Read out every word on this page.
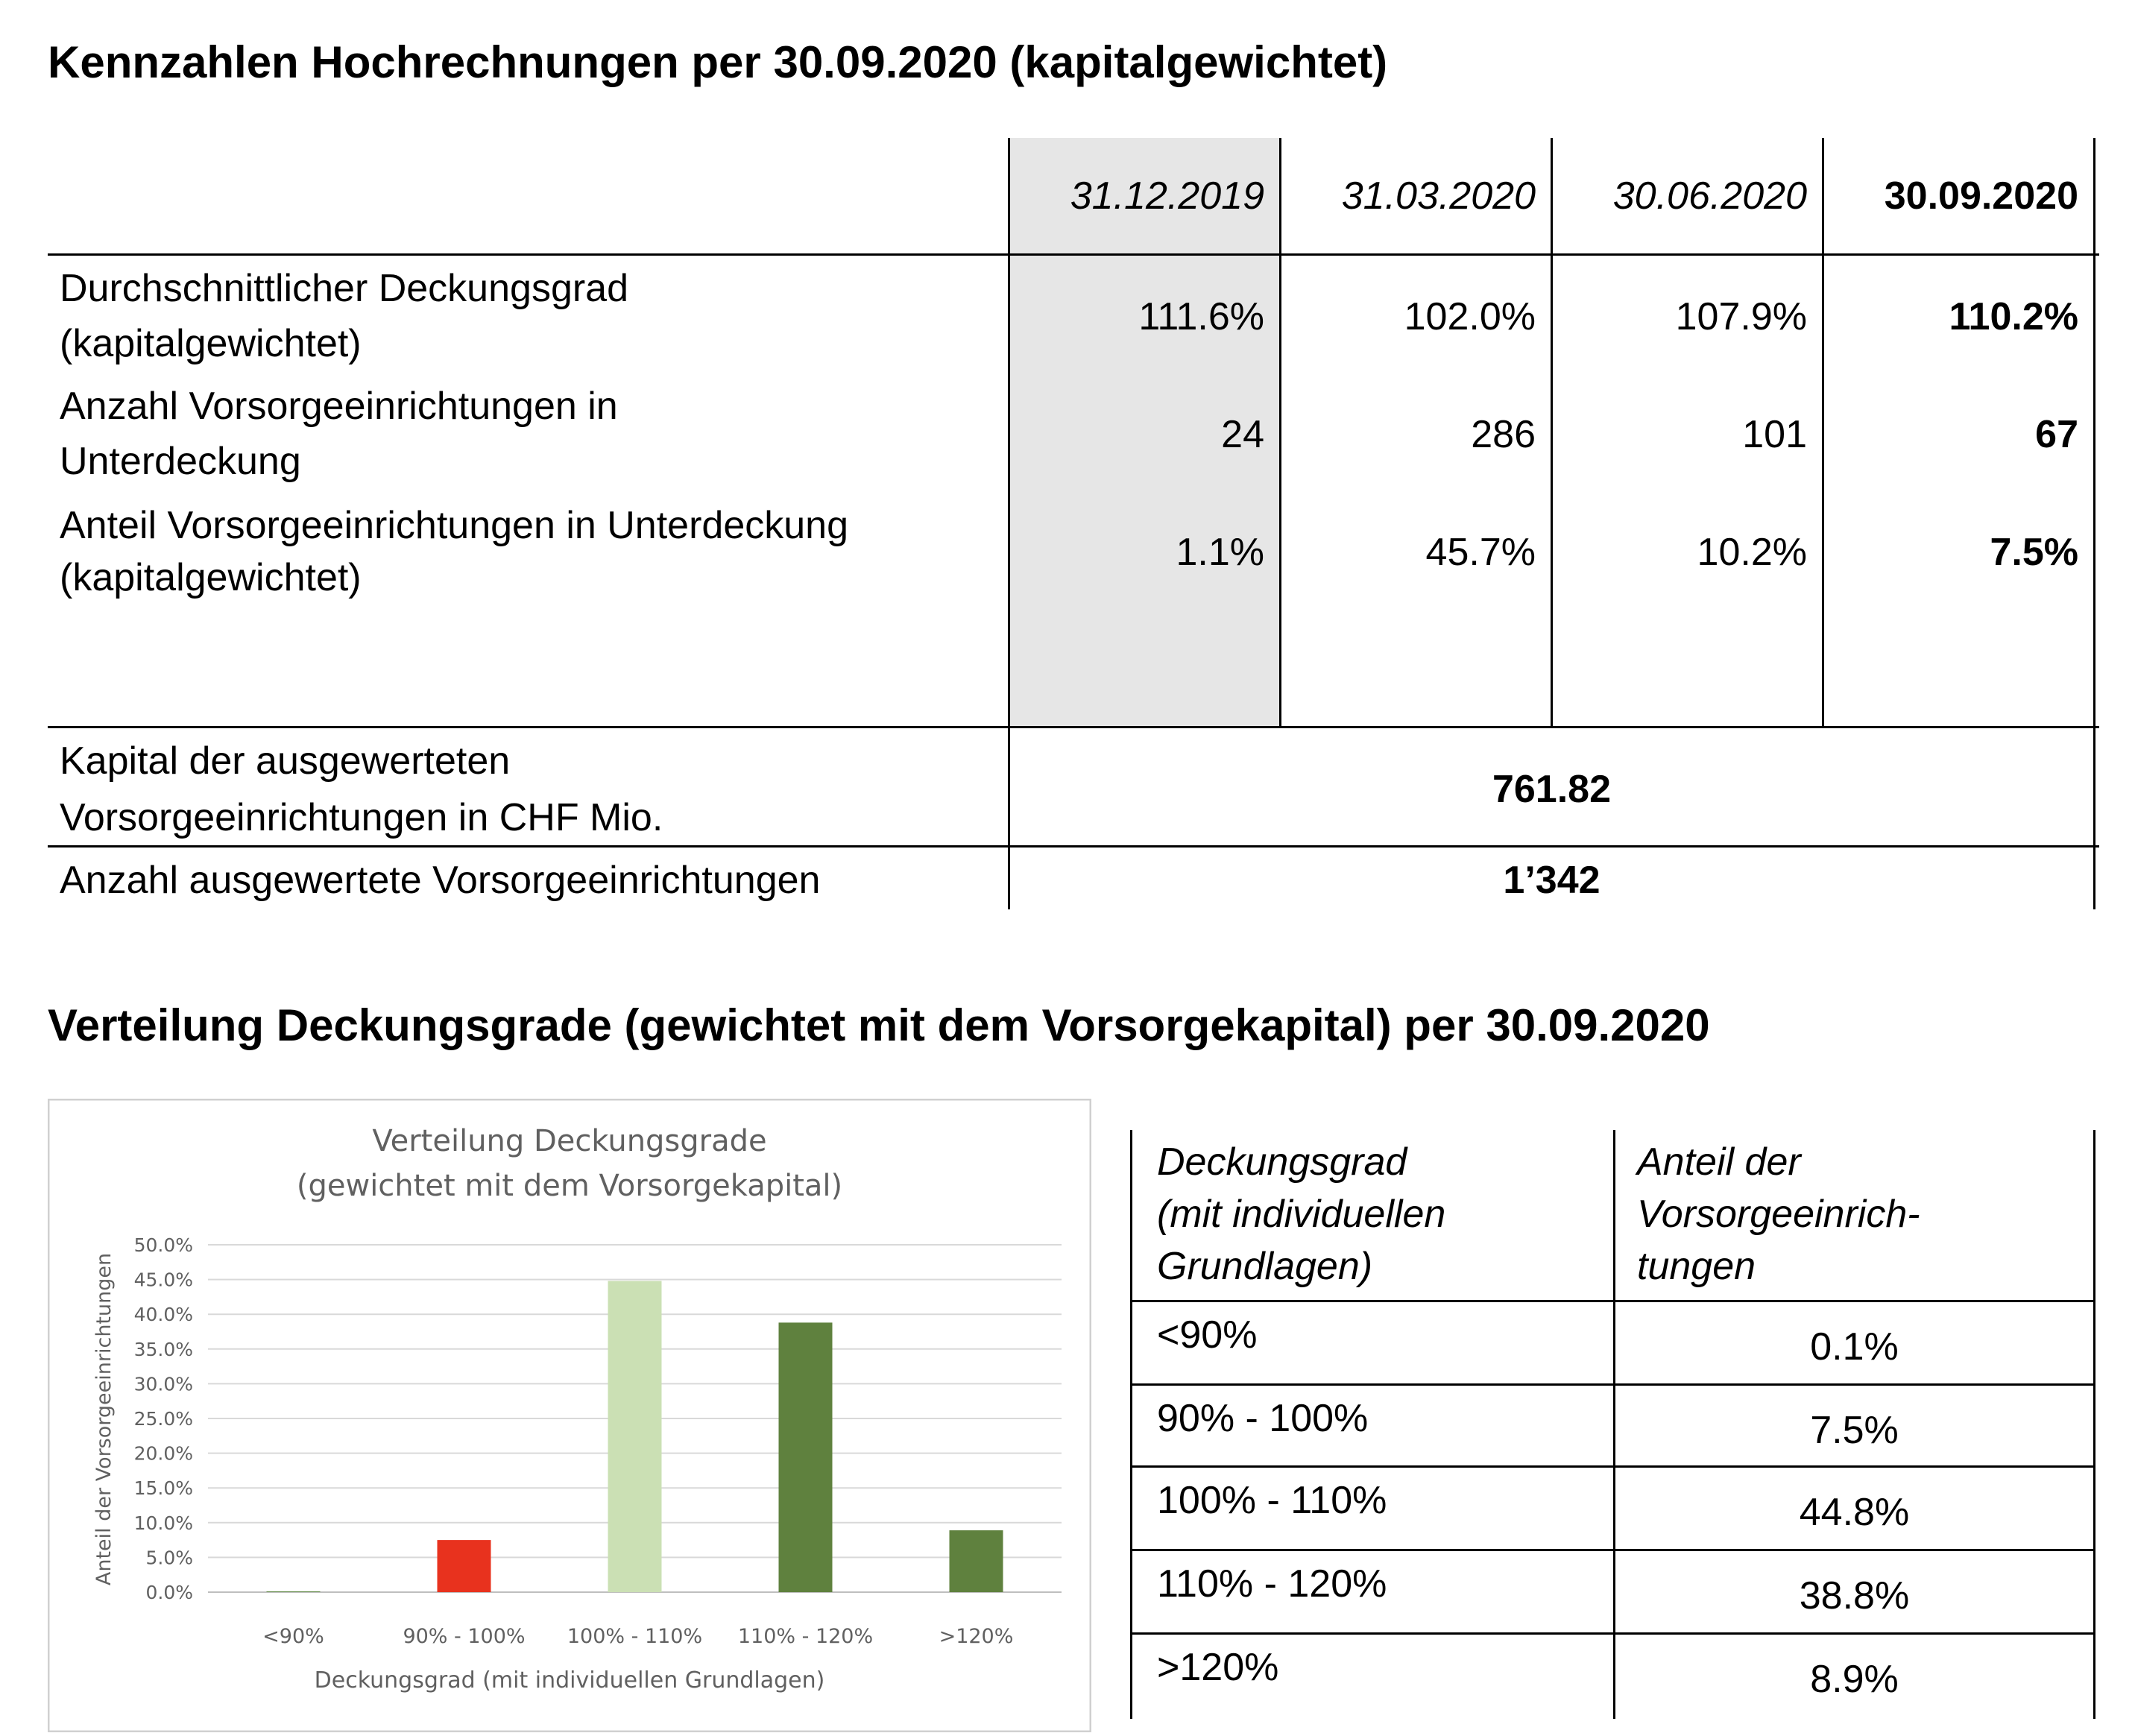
Kennzahlen Hochrechnungen per 30.09.2020 (kapitalgewichtet)
31.12.2019	31.03.2020	30.06.2020	30.09.2020
Durchschnittlicher Deckungsgrad
(kapitalgewichtet)
111.6%	102.0%	107.9%	110.2%
Anzahl Vorsorgeeinrichtungen in
Unterdeckung
24	286	101	67
Anteil Vorsorgeeinrichtungen in Unterdeckung
(kapitalgewichtet)
1.1%	45.7%	10.2%	7.5%
Kapital der ausgewerteten
Vorsorgeeinrichtungen in CHF Mio.
761.82
Anzahl ausgewertete Vorsorgeeinrichtungen	1’342
Verteilung Deckungsgrade (gewichtet mit dem Vorsorgekapital) per 30.09.2020
Verteilung Deckungsgrade
(gewichtet mit dem Vorsorgekapital)
Anteil der Vorsorgeeinrichtungen
Deckungsgrad (mit individuellen Grundlagen)
0.0%
5.0%
10.0%
15.0%
20.0%
25.0%
30.0%
35.0%
40.0%
45.0%
50.0%
<90%	90% - 100% 100% - 110% 110% - 120%	>120%
Deckungsgrad
(mit individuellen
Grundlagen)
Anteil der
Vorsorgeeinrich-
tungen
<90%	0.1%
90% - 100%	7.5%
100% - 110%	44.8%
110% - 120%	38.8%
>120%	8.9%
